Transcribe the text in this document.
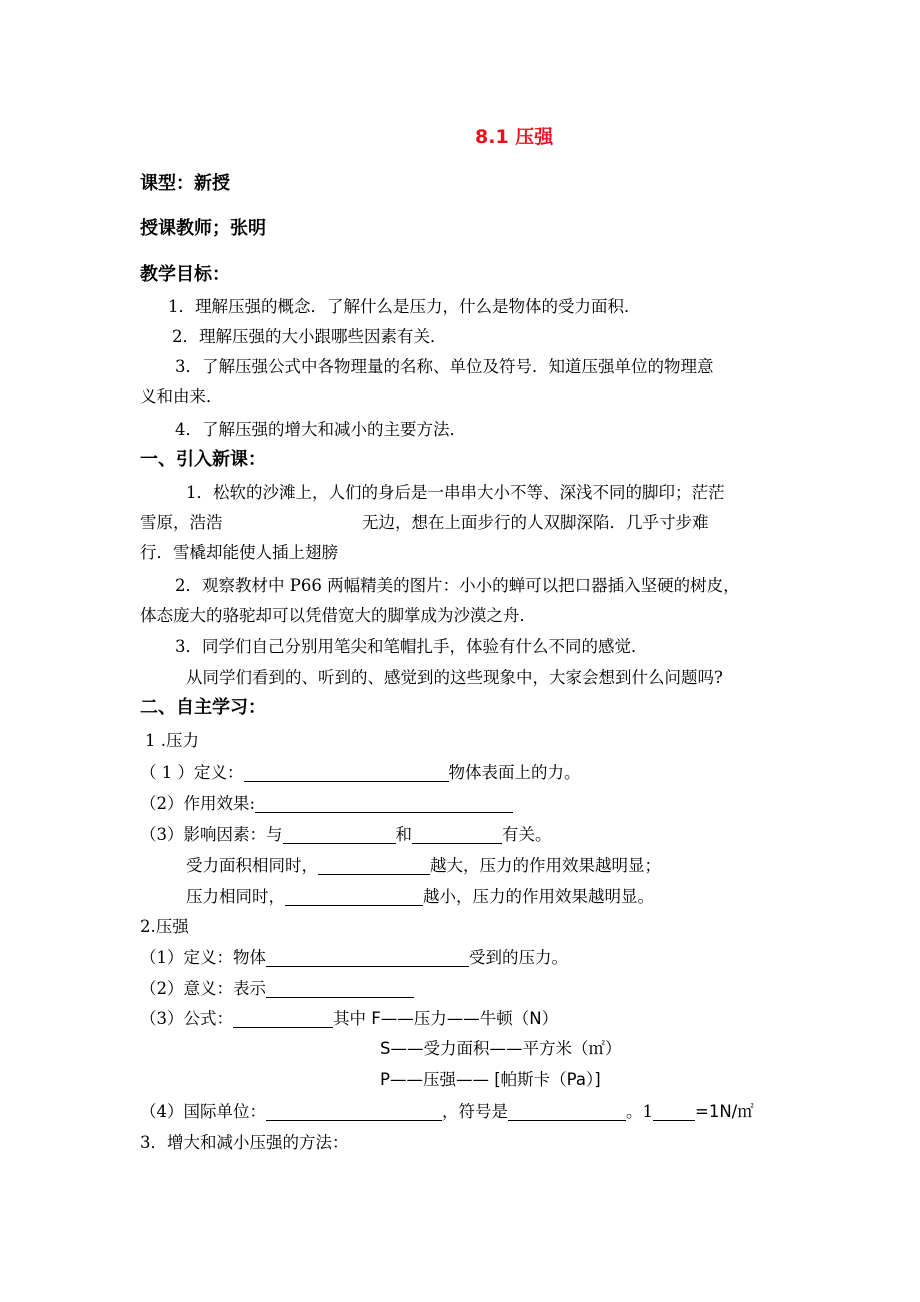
8.1 压强
课型：新授
授课教师；张明
教学目标：
1．理解压强的概念．了解什么是压力，什么是物体的受力面积．
2．理解压强的大小跟哪些因素有关．
3．了解压强公式中各物理量的名称、单位及符号．知道压强单位的物理意
义和由来．
4．了解压强的增大和减小的主要方法．
一、引入新课：
1．松软的沙滩上，人们的身后是一串串大小不等、深浅不同的脚印；茫茫
雪原，浩浩	无边，想在上面步行的人双脚深陷．几乎寸步难
行．雪橇却能使人插上翅膀
2．观察教材中 P66 两幅精美的图片：小小的蝉可以把口器插入坚硬的树皮，
体态庞大的骆驼却可以凭借宽大的脚掌成为沙漠之舟．
3．同学们自己分别用笔尖和笔帽扎手，体验有什么不同的感觉．
从同学们看到的、听到的、感觉到的这些现象中，大家会想到什么问题吗?
二、自主学习：
1 .压力
（ 1 ）定义：	物体表面上的力。
（2）作用效果:
（3）影响因素：与	和	有关。
受力面积相同时，	越大，压力的作用效果越明显；
压力相同时，	越小，压力的作用效果越明显。
2.压强
（1）定义：物体	受到的压力。
（2）意义：表示
（3）公式：	其中 F——压力——牛顿（N）
S——受力面积——平方米（㎡）
P——压强—— [帕斯卡（Pa）]
（4）国际单位：	，符号是	。1	=1N/㎡
3．增大和减小压强的方法：
